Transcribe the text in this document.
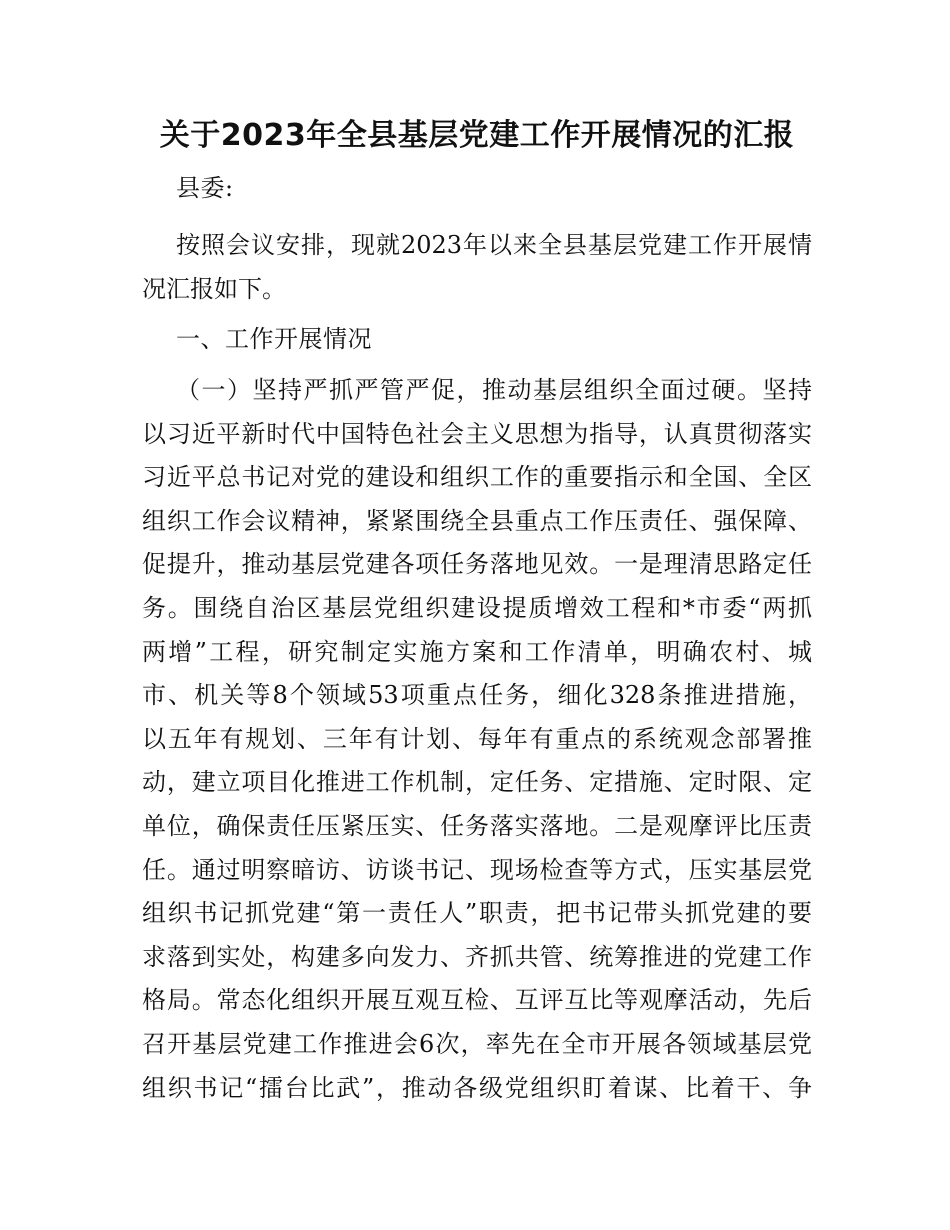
关于2023年全县基层党建工作开展情况的汇报

县委:

按照会议安排，现就2023年以来全县基层党建工作开展情
况汇报如下。

一、工作开展情况

（一）坚持严抓严管严促，推动基层组织全面过硬。坚持
以习近平新时代中国特色社会主义思想为指导，认真贯彻落实
习近平总书记对党的建设和组织工作的重要指示和全国、全区
组织工作会议精神，紧紧围绕全县重点工作压责任、强保障、
促提升，推动基层党建各项任务落地见效。一是理清思路定任
务。围绕自治区基层党组织建设提质增效工程和*市委“两抓
两增”工程，研究制定实施方案和工作清单，明确农村、城
市、机关等8个领域53项重点任务，细化328条推进措施，
以五年有规划、三年有计划、每年有重点的系统观念部署推
动，建立项目化推进工作机制，定任务、定措施、定时限、定
单位，确保责任压紧压实、任务落实落地。二是观摩评比压责
任。通过明察暗访、访谈书记、现场检查等方式，压实基层党
组织书记抓党建“第一责任人”职责，把书记带头抓党建的要
求落到实处，构建多向发力、齐抓共管、统筹推进的党建工作
格局。常态化组织开展互观互检、互评互比等观摩活动，先后
召开基层党建工作推进会6次，率先在全市开展各领域基层党
组织书记“擂台比武”，推动各级党组织盯着谋、比着干、争
